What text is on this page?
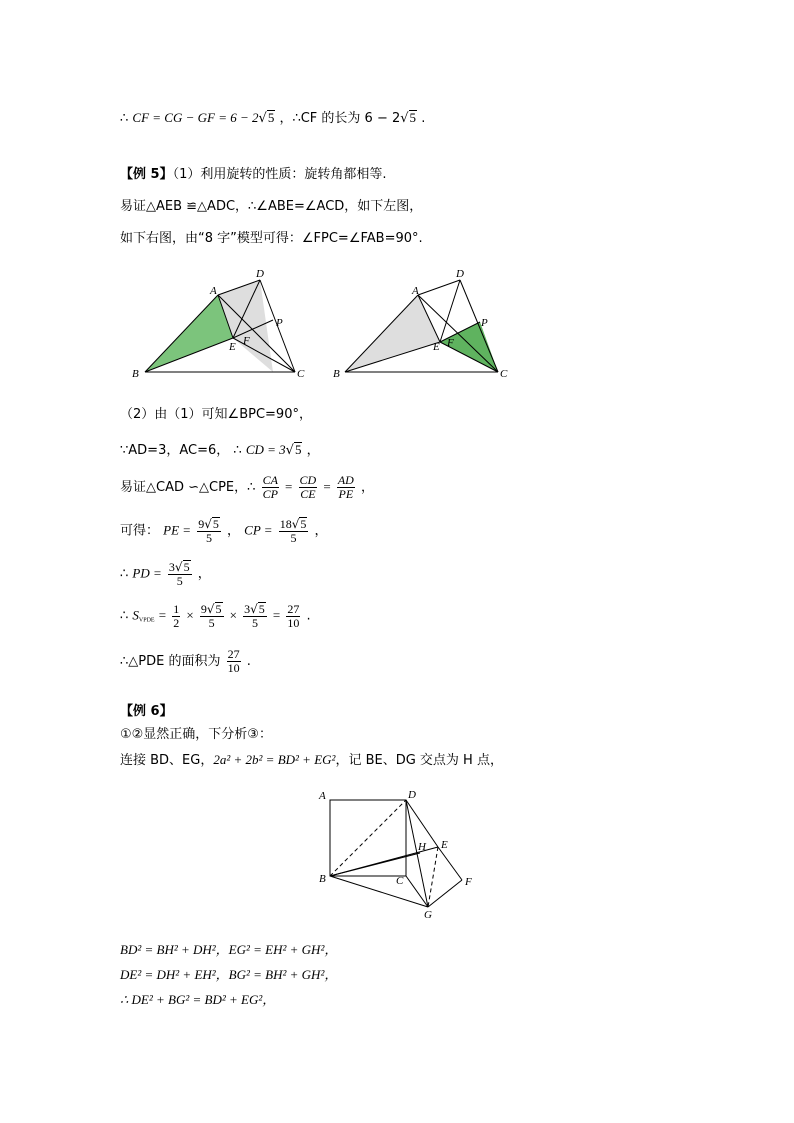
∴ CF = CG − GF = 6 − 2√5 ，∴CF 的长为 6 − 2√5 .
【例 5】（1）利用旋转的性质：旋转角都相等.
易证△AEB ≌△ADC，∴∠ABE=∠ACD，如下左图，
如下右图，由“8 字”模型可得：∠FPC=∠FAB=90°.
A
B	C
D
E F
P
A
B	C
D
E F
P
（2）由（1）可知∠BPC=90°，
∵AD=3，AC=6， ∴ CD = 3√5 ，
易证△CAD ∽△CPE，∴ $\frac{CA}{CP} = \frac{CD}{CE} = \frac{AD}{PE}$ ，
可得： PE = $\frac{9√5}{5}$ ， CP = $\frac{18√5}{5}$ ，
∴ PD = $\frac{3√5}{5}$ ，
∴ $S_{VPDE} = \frac{1}{2} \times \frac{9√5}{5} \times \frac{3√5}{5} = \frac{27}{10}$ .
∴△PDE 的面积为 $\frac{27}{10}$ .
【例 6】
①②显然正确，下分析③：
连接 BD、EG，2a² + 2b² = BD² + EG²，记 BE、DG 交点为 H 点，
A
B	C
D
E
F
G
H
BD² = BH² + DH²，EG² = EH² + GH²，
DE² = DH² + EH²，BG² = BH² + GH²，
∴ DE² + BG² = BD² + EG²，
